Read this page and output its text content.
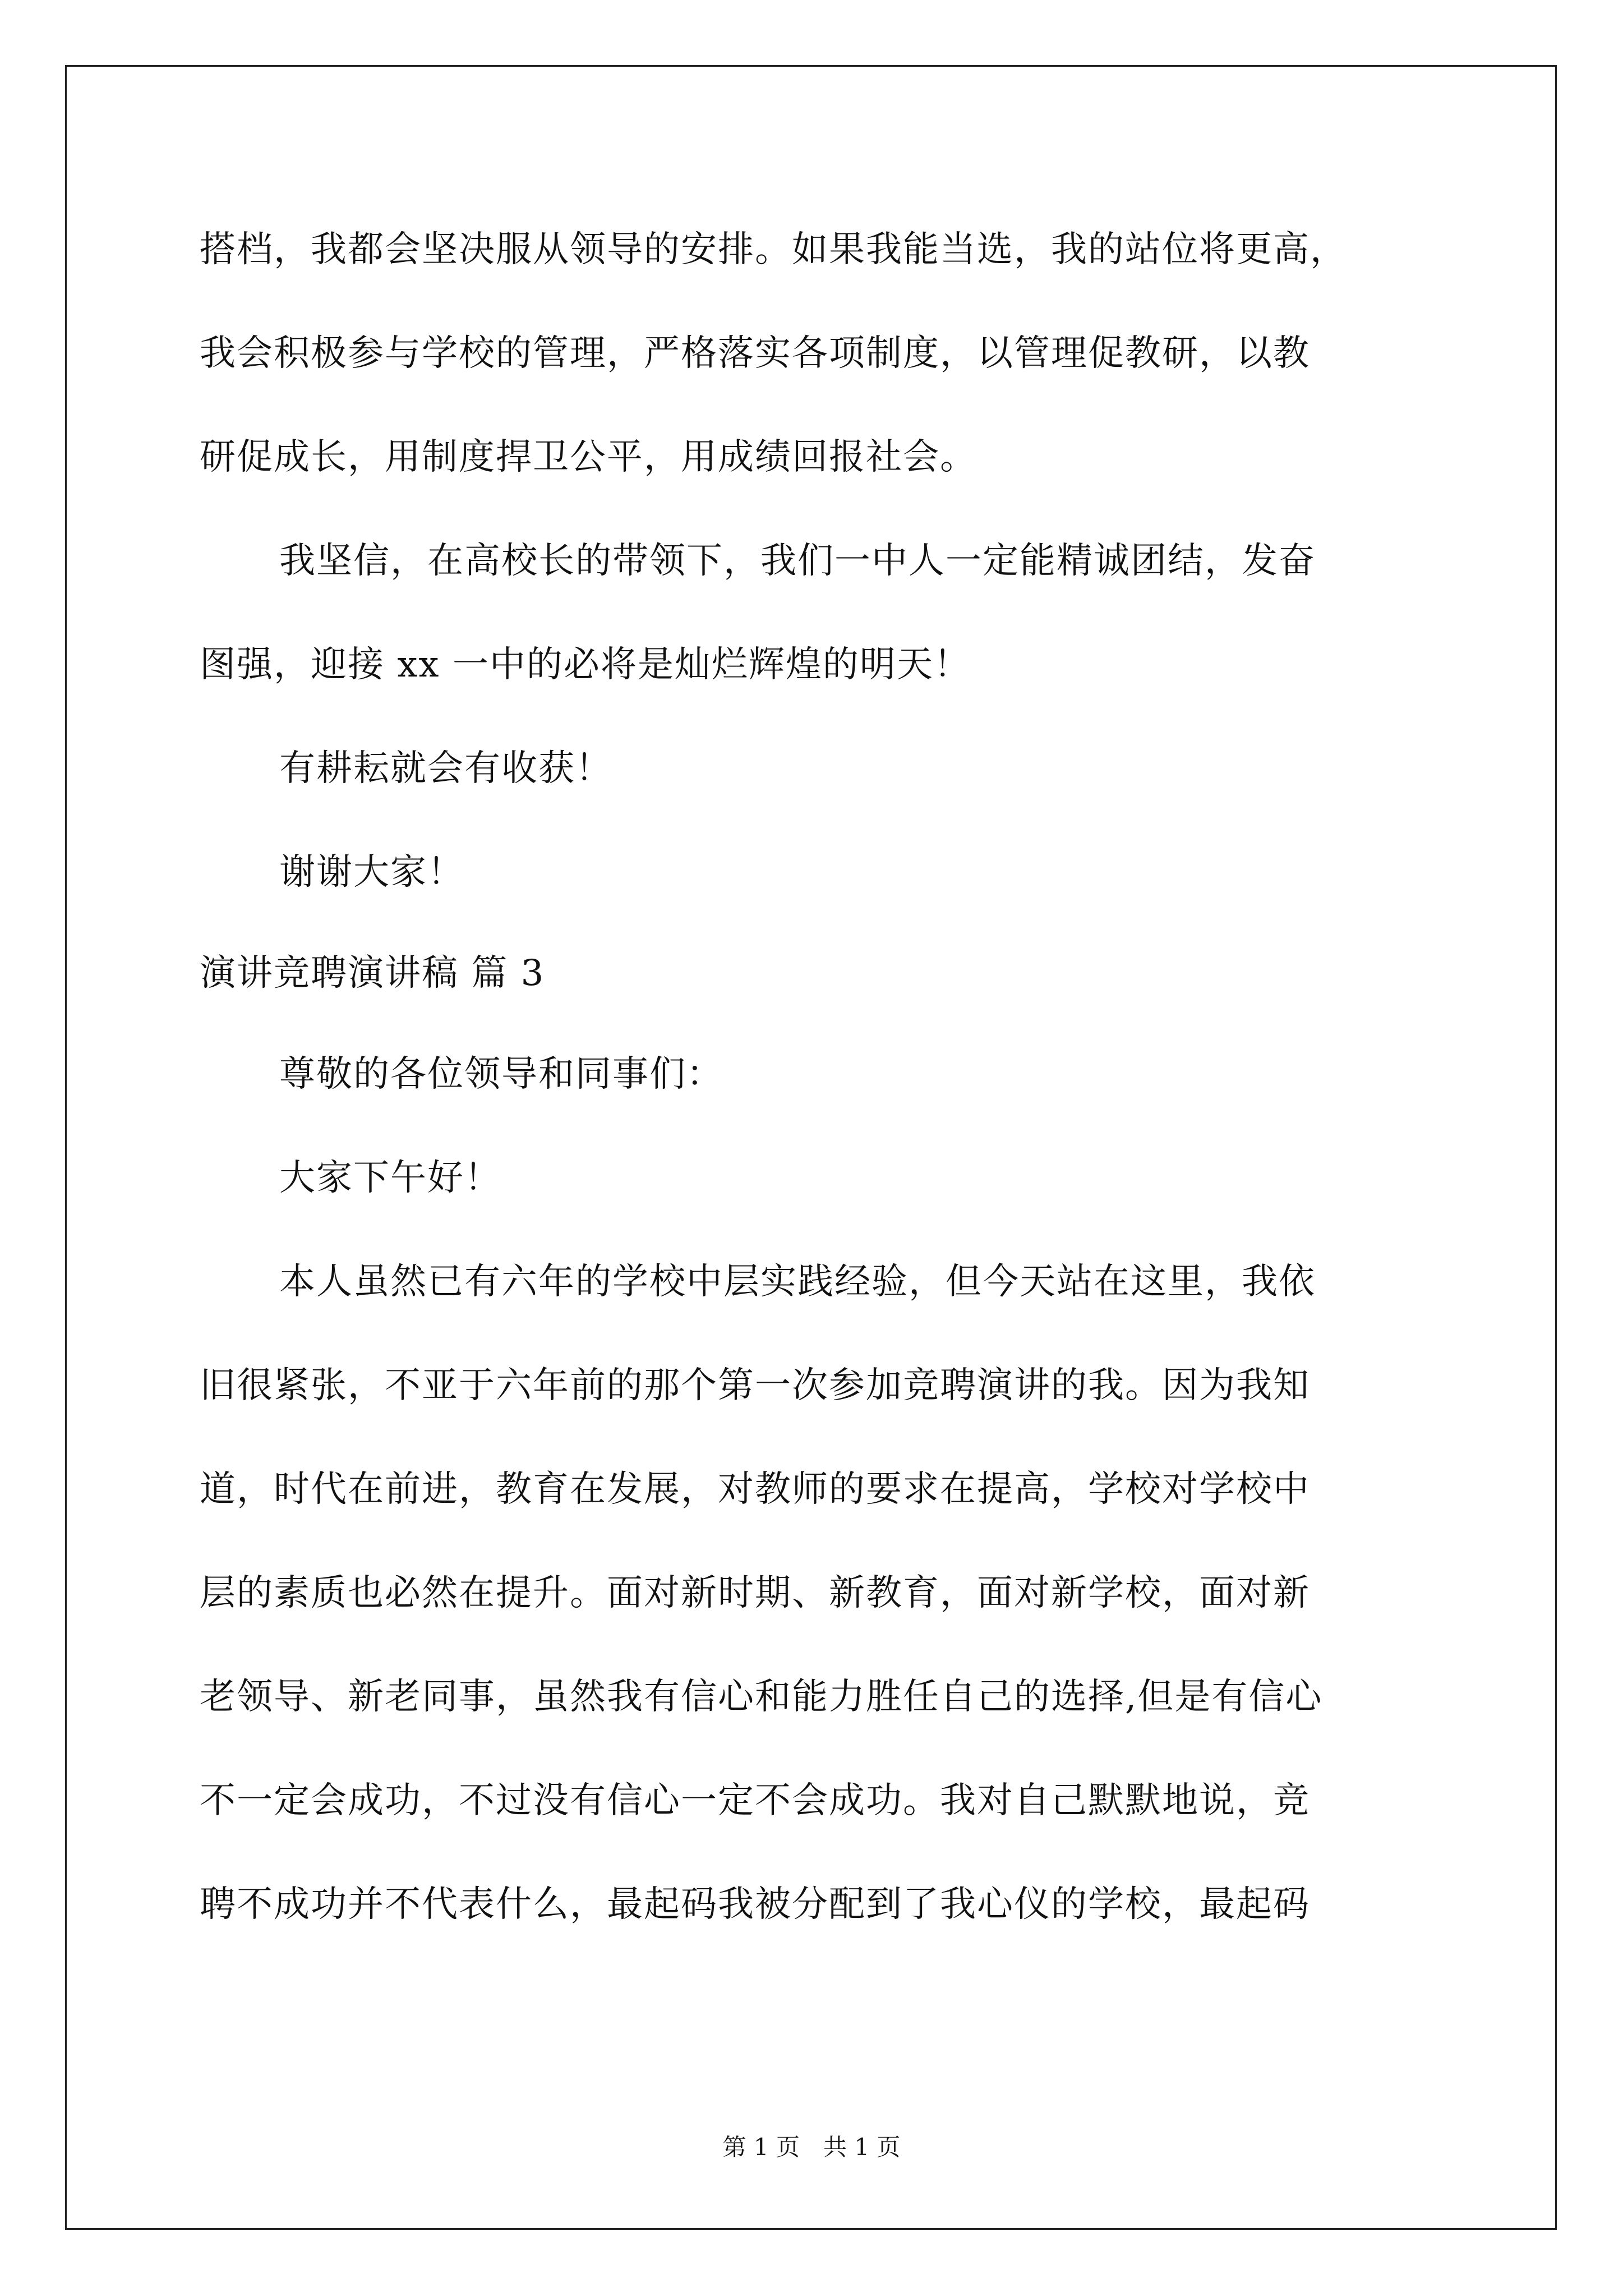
搭档，我都会坚决服从领导的安排。如果我能当选，我的站位将更高，
我会积极参与学校的管理，严格落实各项制度，以管理促教研，以教
研促成长，用制度捍卫公平，用成绩回报社会。
我坚信，在高校长的带领下，我们一中人一定能精诚团结，发奋
图强，迎接 xx 一中的必将是灿烂辉煌的明天！
有耕耘就会有收获！
谢谢大家！
演讲竞聘演讲稿 篇 3
尊敬的各位领导和同事们：
大家下午好！
本人虽然已有六年的学校中层实践经验，但今天站在这里，我依
旧很紧张，不亚于六年前的那个第一次参加竞聘演讲的我。因为我知
道，时代在前进，教育在发展，对教师的要求在提高，学校对学校中
层的素质也必然在提升。面对新时期、新教育，面对新学校，面对新
老领导、新老同事，虽然我有信心和能力胜任自己的选择,但是有信心
不一定会成功，不过没有信心一定不会成功。我对自己默默地说，竞
聘不成功并不代表什么，最起码我被分配到了我心仪的学校，最起码
第 1 页　共 1 页
